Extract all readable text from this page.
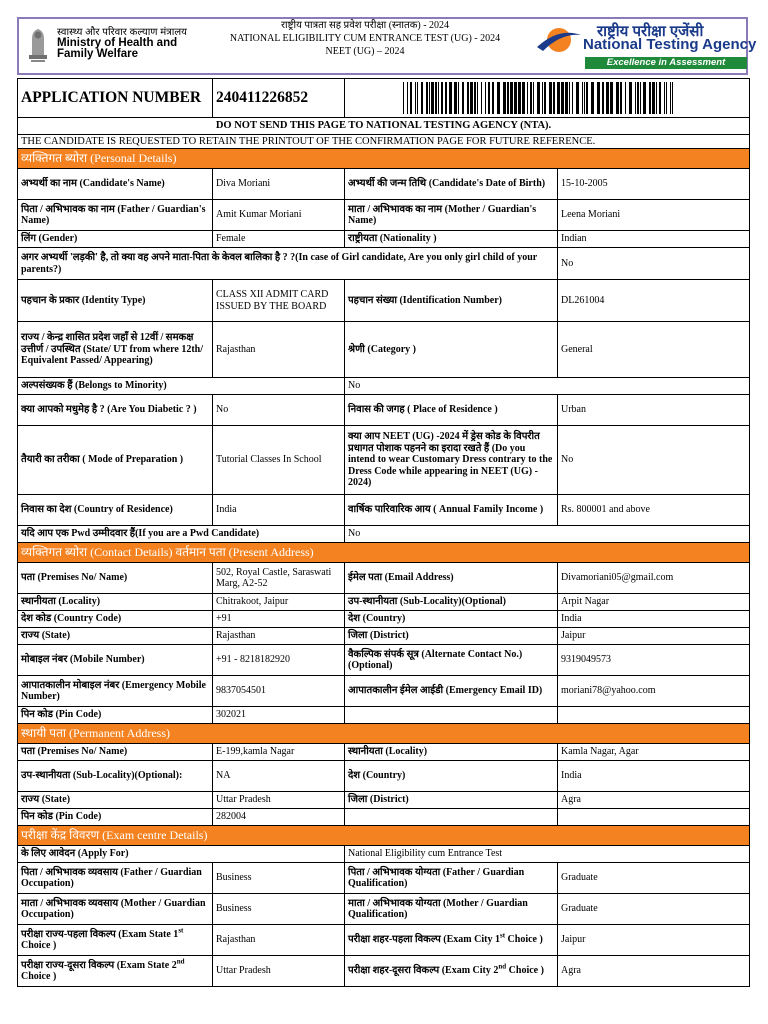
स्वास्थ्य और परिवार कल्याण मंत्रालय
Ministry of Health and
Family Welfare
राष्ट्रीय पात्रता सह प्रवेश परीक्षा (स्नातक) - 2024
NATIONAL ELIGIBILITY CUM ENTRANCE TEST (UG) - 2024
NEET (UG) – 2024
राष्ट्रीय परीक्षा एजेंसी
National Testing Agency
Excellence in Assessment
APPLICATION NUMBER	240411226852	

DO NOT SEND THIS PAGE TO NATIONAL TESTING AGENCY (NTA).			
THE CANDIDATE IS REQUESTED TO RETAIN THE PRINTOUT OF THE CONFIRMATION PAGE FOR FUTURE REFERENCE.			
व्यक्तिगत ब्योरा (Personal Details)			
अभ्यर्थी का नाम (Candidate's Name)	Diva Moriani	अभ्यर्थी की जन्म तिथि (Candidate's Date of Birth)	15-10-2005
पिता / अभिभावक का नाम (Father / Guardian's Name)	Amit Kumar Moriani	माता / अभिभावक का नाम (Mother / Guardian's Name)	Leena Moriani
लिंग (Gender)	Female	राष्ट्रीयता (Nationality )	Indian
अगर अभ्यर्थी 'लड़की' है, तो क्या वह अपने माता-पिता के केवल बालिका है ? ?(In case of Girl candidate, Are you only girl child of your parents?)			No
पहचान के प्रकार (Identity Type)	CLASS XII ADMIT CARD ISSUED BY THE BOARD	पहचान संख्या (Identification Number)	DL261004
राज्य / केन्द्र शासित प्रदेश जहाँ से 12वीं / समकक्ष उत्तीर्ण / उपस्थित (State/ UT from where 12th/ Equivalent Passed/ Appearing)	Rajasthan	श्रेणी (Category )	General
अल्पसंख्यक हैं (Belongs to Minority)		No	
क्या आपको मधुमेह है ? (Are You Diabetic ? )	No	निवास की जगह ( Place of Residence )	Urban
तैयारी का तरीका ( Mode of Preparation )	Tutorial Classes In School	क्या आप NEET (UG) -2024 में ड्रेस कोड के विपरीत प्रधागत पोशाक पहनने का इरादा रखते हैं (Do you intend to wear Customary Dress contrary to the Dress Code while appearing in NEET (UG) - 2024)	No
निवास का देश (Country of Residence)	India	वार्षिक पारिवारिक आय ( Annual Family Income )	Rs. 800001 and above
यदि आप एक Pwd उम्मीदवार हैं(If you are a Pwd Candidate)		No	
व्यक्तिगत ब्योरा (Contact Details) वर्तमान पता (Present Address)			
पता (Premises No/ Name)	502, Royal Castle, Saraswati Marg, A2-52	ईमेल पता (Email Address)	Divamoriani05@gmail.com
स्थानीयता (Locality)	Chitrakoot, Jaipur	उप-स्थानीयता (Sub-Locality)(Optional)	Arpit Nagar
देश कोड (Country Code)	+91	देश (Country)	India
राज्य (State)	Rajasthan	जिला (District)	Jaipur
मोबाइल नंबर (Mobile Number)	+91 - 8218182920	वैकल्पिक संपर्क सूत्र (Alternate Contact No.) (Optional)	9319049573
आपातकालीन मोबाइल नंबर (Emergency Mobile Number)	9837054501	आपातकालीन ईमेल आईडी (Emergency Email ID)	moriani78@yahoo.com
पिन कोड (Pin Code)	302021		
स्थायी पता (Permanent Address)			
पता (Premises No/ Name)	E-199,kamla Nagar	स्थानीयता (Locality)	Kamla Nagar, Agar
उप-स्थानीयता (Sub-Locality)(Optional):	NA	देश (Country)	India
राज्य (State)	Uttar Pradesh	जिला (District)	Agra
पिन कोड (Pin Code)	282004		
परीक्षा केंद्र विवरण (Exam centre Details)			
के लिए आवेदन (Apply For)		National Eligibility cum Entrance Test	
पिता / अभिभावक व्यवसाय (Father / Guardian Occupation)	Business	पिता / अभिभावक योग्यता (Father / Guardian Qualification)	Graduate
माता / अभिभावक व्यवसाय (Mother / Guardian Occupation)	Business	माता / अभिभावक योग्यता (Mother / Guardian Qualification)	Graduate
परीक्षा राज्य-पहला विकल्प (Exam State 1st Choice )	Rajasthan	परीक्षा शहर-पहला विकल्प (Exam City 1st Choice )	Jaipur
परीक्षा राज्य-दूसरा विकल्प (Exam State 2nd Choice )	Uttar Pradesh	परीक्षा शहर-दूसरा विकल्प (Exam City 2nd Choice )	Agra
